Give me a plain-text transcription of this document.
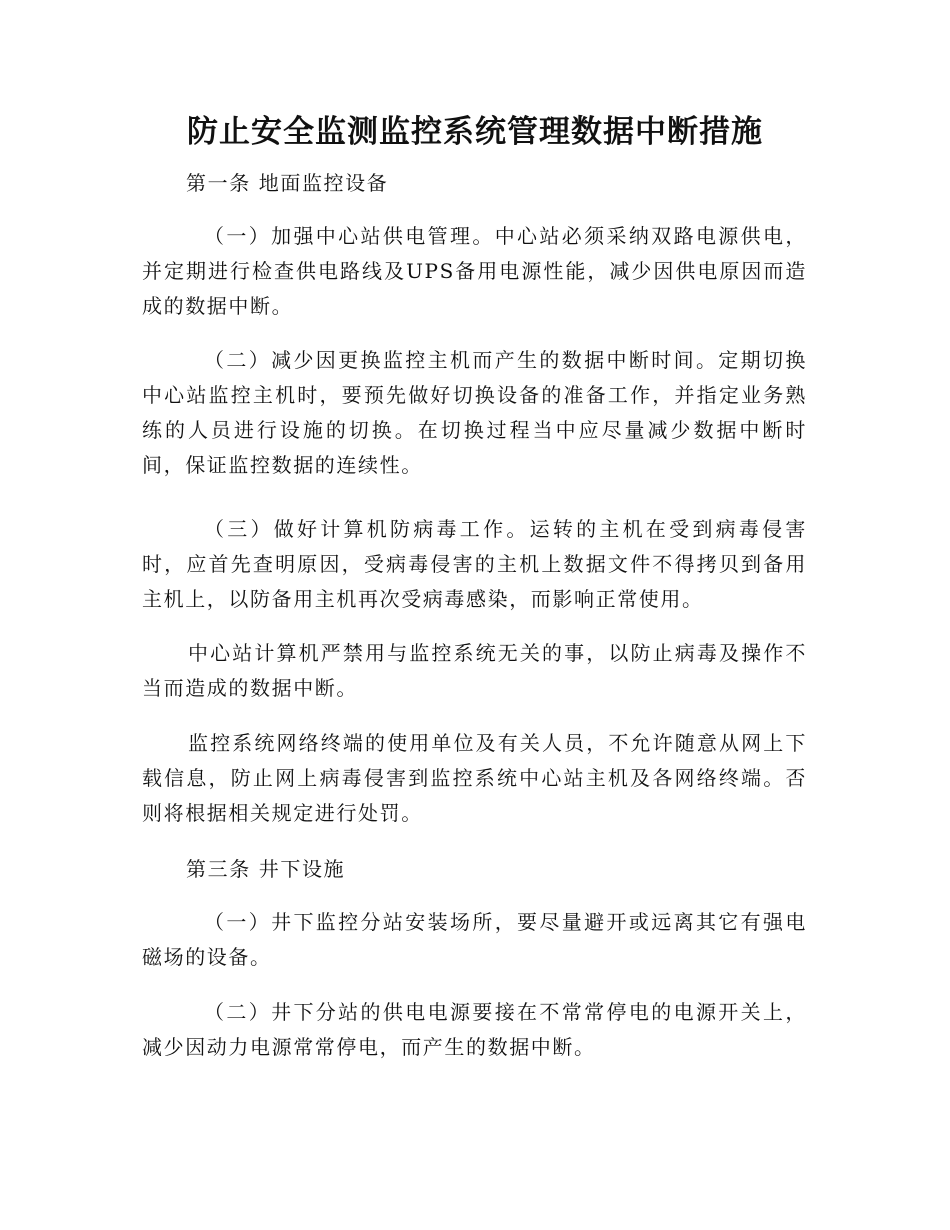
防止安全监测监控系统管理数据中断措施

第一条 地面监控设备

（一）加强中心站供电管理。中心站必须采纳双路电源供电，并定期进行检查供电路线及UPS备用电源性能，减少因供电原因而造成的数据中断。

（二）减少因更换监控主机而产生的数据中断时间。定期切换中心站监控主机时，要预先做好切换设备的准备工作，并指定业务熟练的人员进行设施的切换。在切换过程当中应尽量减少数据中断时间，保证监控数据的连续性。

（三）做好计算机防病毒工作。运转的主机在受到病毒侵害时，应首先查明原因，受病毒侵害的主机上数据文件不得拷贝到备用主机上，以防备用主机再次受病毒感染，而影响正常使用。

中心站计算机严禁用与监控系统无关的事，以防止病毒及操作不当而造成的数据中断。

监控系统网络终端的使用单位及有关人员，不允许随意从网上下载信息，防止网上病毒侵害到监控系统中心站主机及各网络终端。否则将根据相关规定进行处罚。

第三条 井下设施

（一）井下监控分站安装场所，要尽量避开或远离其它有强电磁场的设备。

（二）井下分站的供电电源要接在不常常停电的电源开关上，减少因动力电源常常停电，而产生的数据中断。
